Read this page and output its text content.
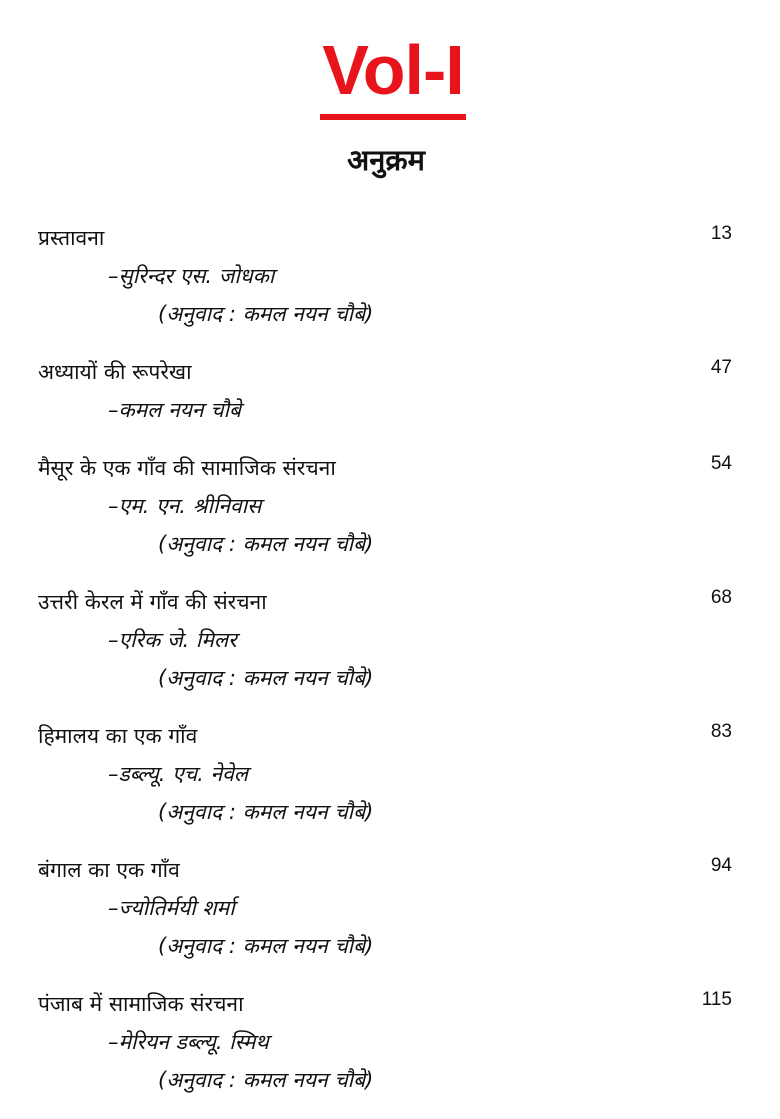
Vol-I
अनुक्रम
प्रस्तावना
–सुरिन्दर एस. जोधका
(अनुवाद : कमल नयन चौबे)
13
अध्यायों की रूपरेखा
–कमल नयन चौबे
47
मैसूर के एक गाँव की सामाजिक संरचना
–एम. एन. श्रीनिवास
(अनुवाद : कमल नयन चौबे)
54
उत्तरी केरल में गाँव की संरचना
–एरिक जे. मिलर
(अनुवाद : कमल नयन चौबे)
68
हिमालय का एक गाँव
–डब्ल्यू. एच. नेवेल
(अनुवाद : कमल नयन चौबे)
83
बंगाल का एक गाँव
–ज्योतिर्मयी शर्मा
(अनुवाद : कमल नयन चौबे)
94
पंजाब में सामाजिक संरचना
–मेरियन डब्ल्यू. स्मिथ
(अनुवाद : कमल नयन चौबे)
115
